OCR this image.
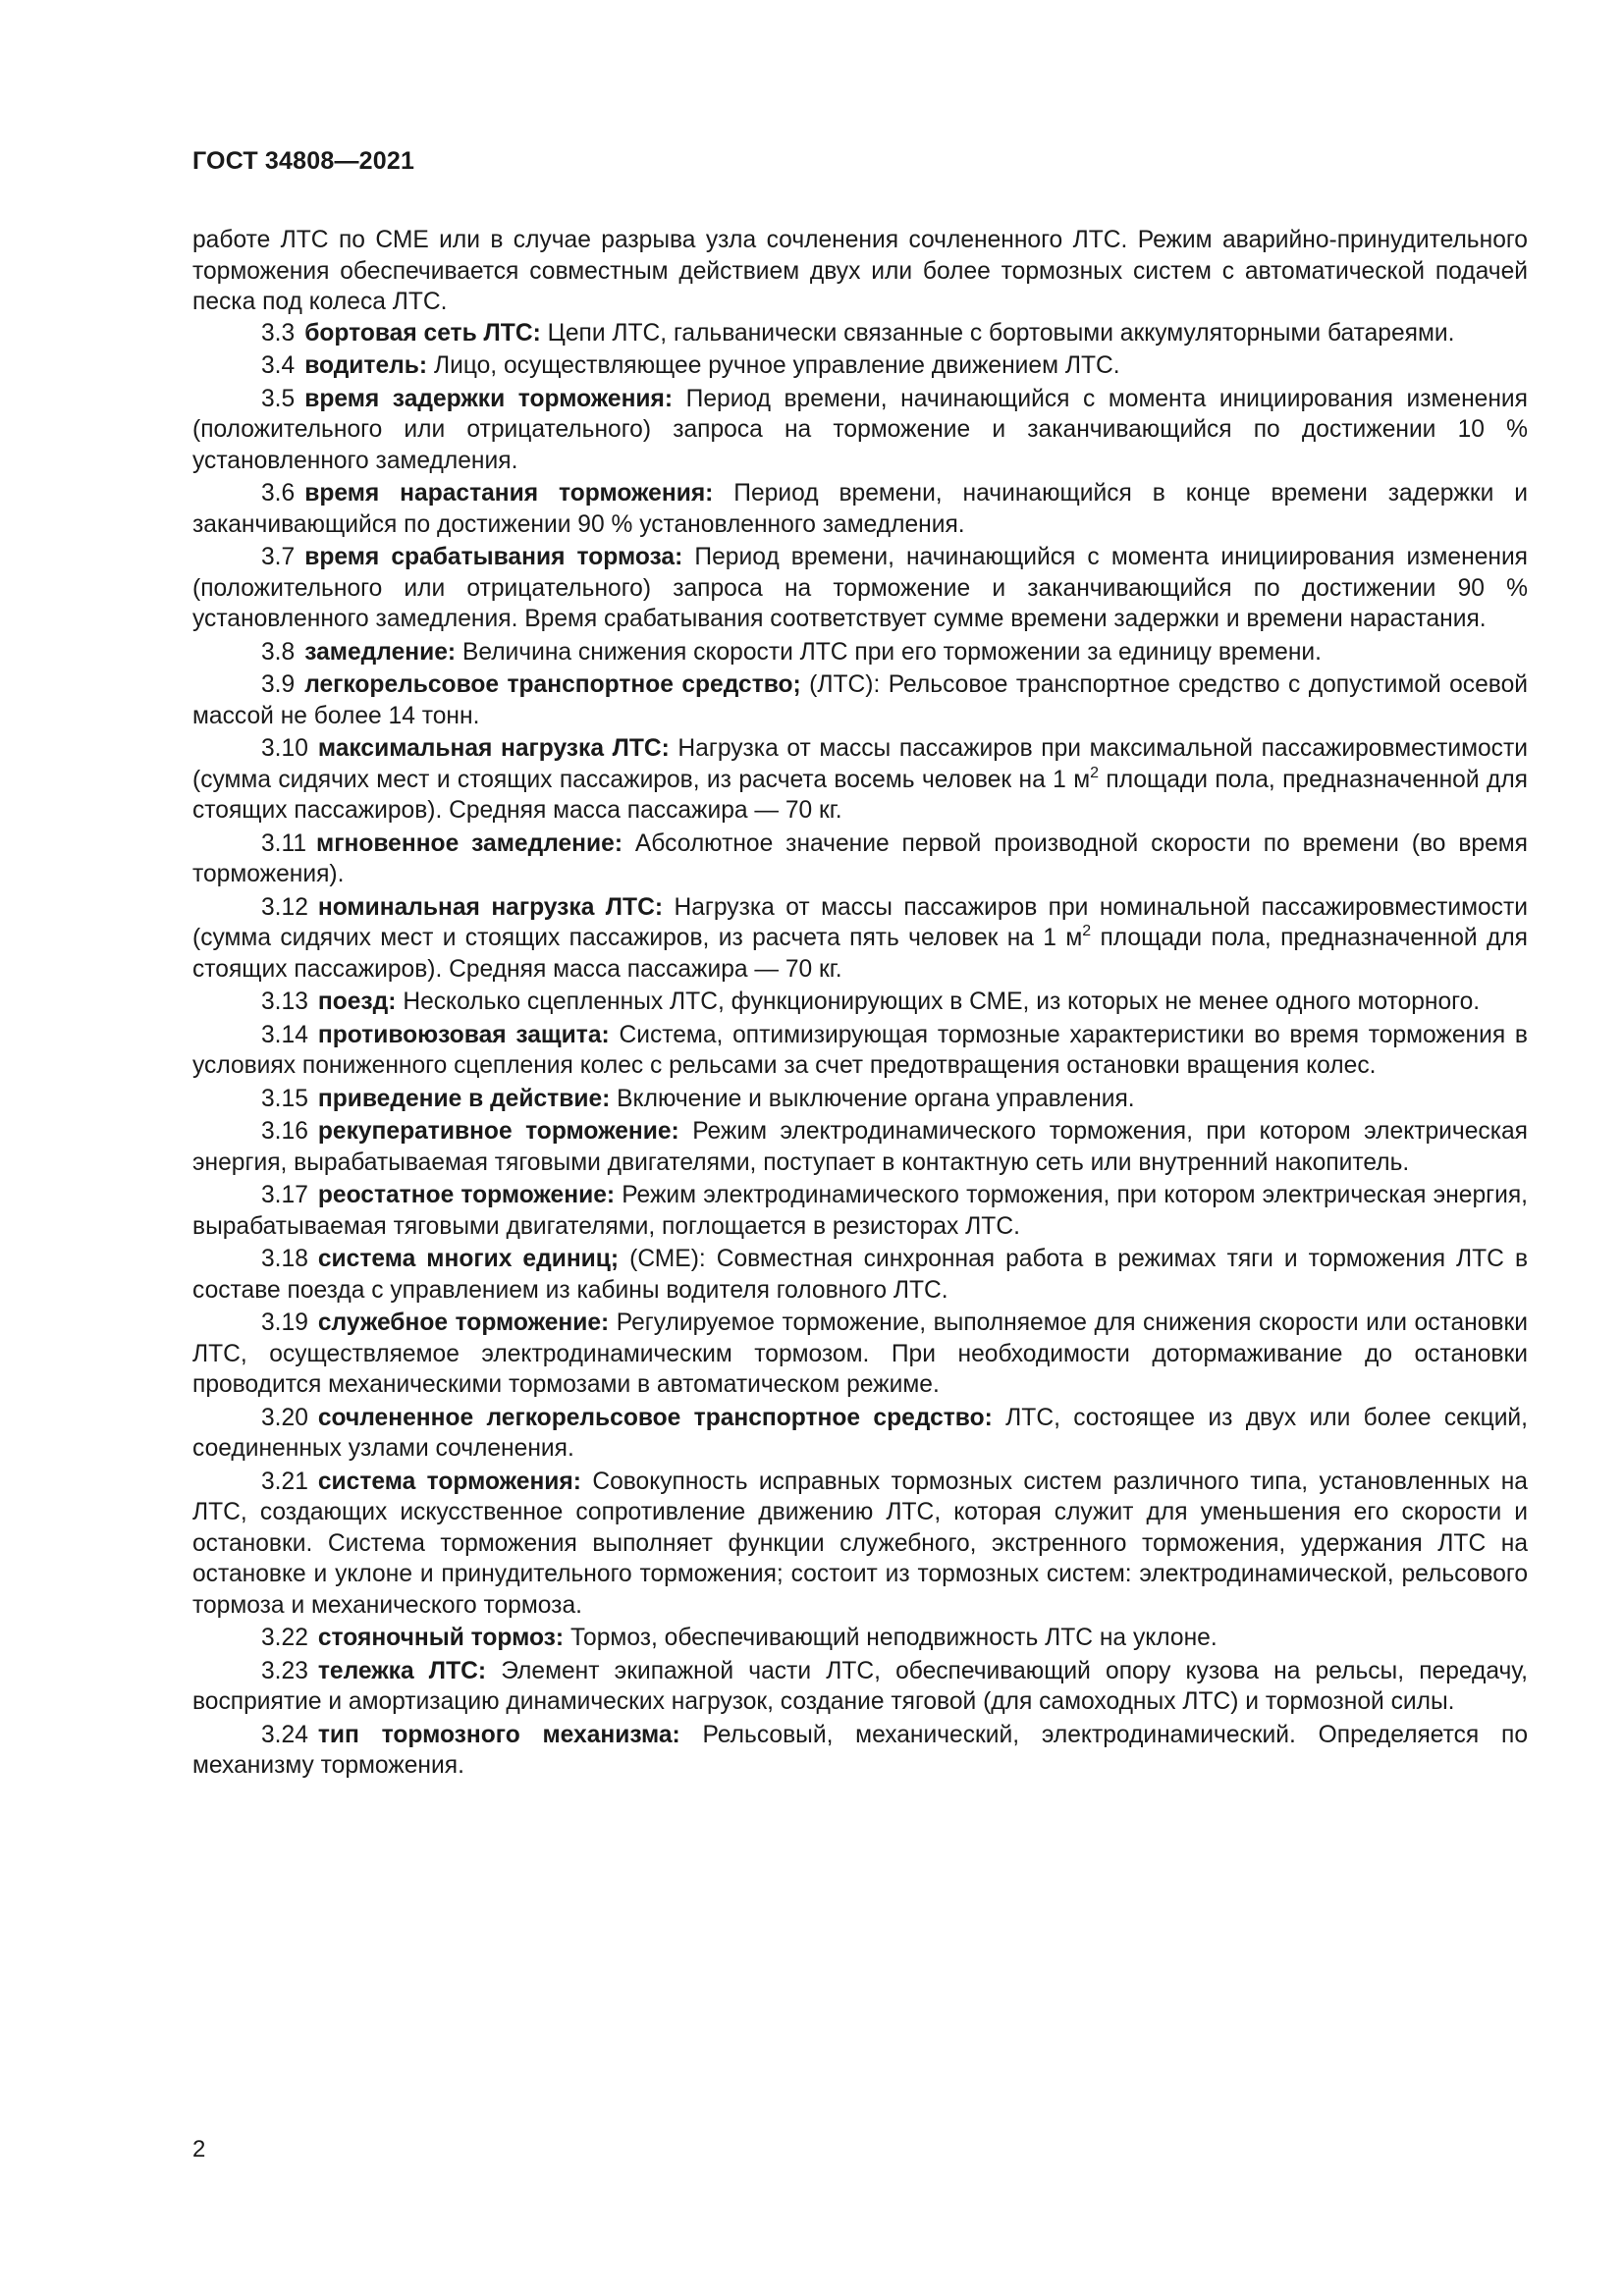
ГОСТ 34808—2021

работе ЛТС по СМЕ или в случае разрыва узла сочленения сочлененного ЛТС. Режим аварийно-принудительного торможения обеспечивается совместным действием двух или более тормозных систем с автоматической подачей песка под колеса ЛТС.

3.3 бортовая сеть ЛТС: Цепи ЛТС, гальванически связанные с бортовыми аккумуляторными батареями.

3.4 водитель: Лицо, осуществляющее ручное управление движением ЛТС.

3.5 время задержки торможения: Период времени, начинающийся с момента инициирования изменения (положительного или отрицательного) запроса на торможение и заканчивающийся по достижении 10 % установленного замедления.

3.6 время нарастания торможения: Период времени, начинающийся в конце времени задержки и заканчивающийся по достижении 90 % установленного замедления.

3.7 время срабатывания тормоза: Период времени, начинающийся с момента инициирования изменения (положительного или отрицательного) запроса на торможение и заканчивающийся по достижении 90 % установленного замедления. Время срабатывания соответствует сумме времени задержки и времени нарастания.

3.8 замедление: Величина снижения скорости ЛТС при его торможении за единицу времени.

3.9 легкорельсовое транспортное средство; (ЛТС): Рельсовое транспортное средство с допустимой осевой массой не более 14 тонн.

3.10 максимальная нагрузка ЛТС: Нагрузка от массы пассажиров при максимальной пассажировместимости (сумма сидячих мест и стоящих пассажиров, из расчета восемь человек на 1 $м^2$ площади пола, предназначенной для стоящих пассажиров). Средняя масса пассажира — 70 кг.

3.11 мгновенное замедление: Абсолютное значение первой производной скорости по времени (во время торможения).

3.12 номинальная нагрузка ЛТС: Нагрузка от массы пассажиров при номинальной пассажировместимости (сумма сидячих мест и стоящих пассажиров, из расчета пять человек на 1 $м^2$ площади пола, предназначенной для стоящих пассажиров). Средняя масса пассажира — 70 кг.

3.13 поезд: Несколько сцепленных ЛТС, функционирующих в СМЕ, из которых не менее одного моторного.

3.14 противоюзовая защита: Система, оптимизирующая тормозные характеристики во время торможения в условиях пониженного сцепления колес с рельсами за счет предотвращения остановки вращения колес.

3.15 приведение в действие: Включение и выключение органа управления.

3.16 рекуперативное торможение: Режим электродинамического торможения, при котором электрическая энергия, вырабатываемая тяговыми двигателями, поступает в контактную сеть или внутренний накопитель.

3.17 реостатное торможение: Режим электродинамического торможения, при котором электрическая энергия, вырабатываемая тяговыми двигателями, поглощается в резисторах ЛТС.

3.18 система многих единиц; (СМЕ): Совместная синхронная работа в режимах тяги и торможения ЛТС в составе поезда с управлением из кабины водителя головного ЛТС.

3.19 служебное торможение: Регулируемое торможение, выполняемое для снижения скорости или остановки ЛТС, осуществляемое электродинамическим тормозом. При необходимости дотормаживание до остановки проводится механическими тормозами в автоматическом режиме.

3.20 сочлененное легкорельсовое транспортное средство: ЛТС, состоящее из двух или более секций, соединенных узлами сочленения.

3.21 система торможения: Совокупность исправных тормозных систем различного типа, установленных на ЛТС, создающих искусственное сопротивление движению ЛТС, которая служит для уменьшения его скорости и остановки. Система торможения выполняет функции служебного, экстренного торможения, удержания ЛТС на остановке и уклоне и принудительного торможения; состоит из тормозных систем: электродинамической, рельсового тормоза и механического тормоза.

3.22 стояночный тормоз: Тормоз, обеспечивающий неподвижность ЛТС на уклоне.

3.23 тележка ЛТС: Элемент экипажной части ЛТС, обеспечивающий опору кузова на рельсы, передачу, восприятие и амортизацию динамических нагрузок, создание тяговой (для самоходных ЛТС) и тормозной силы.

3.24 тип тормозного механизма: Рельсовый, механический, электродинамический. Определяется по механизму торможения.

2
